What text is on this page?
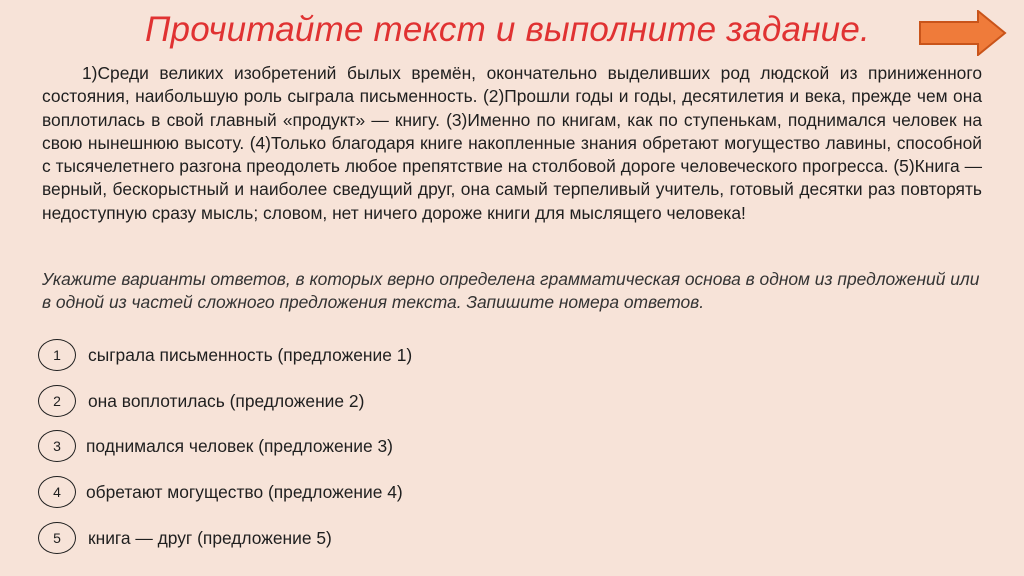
Прочитайте текст и выполните задание.

1)Среди великих изобретений былых времён, окончательно выделивших род людской из приниженного состояния, наибольшую роль сыграла письменность. (2)Прошли годы и годы, десятилетия и века, прежде чем она воплотилась в свой главный «продукт» — книгу. (3)Именно по книгам, как по ступенькам, поднимался человек на свою нынешнюю высоту. (4)Только благодаря книге накопленные знания обретают могущество лавины, способной с тысячелетнего разгона преодолеть любое препятствие на столбовой дороге человеческого прогресса. (5)Книга — верный, бескорыстный и наиболее сведущий друг, она самый терпеливый учитель, готовый десятки раз повторять недоступную сразу мысль; словом, нет ничего дороже книги для мыслящего человека!

Укажите варианты ответов, в которых верно определена грамматическая основа в одном из предложений или в одной из частей сложного предложения текста. Запишите номера ответов.

1	сыграла письменность (предложение 1)
2	она воплотилась (предложение 2)
3	поднимался человек (предложение 3)
4	обретают могущество (предложение 4)
5	книга — друг (предложение 5)
